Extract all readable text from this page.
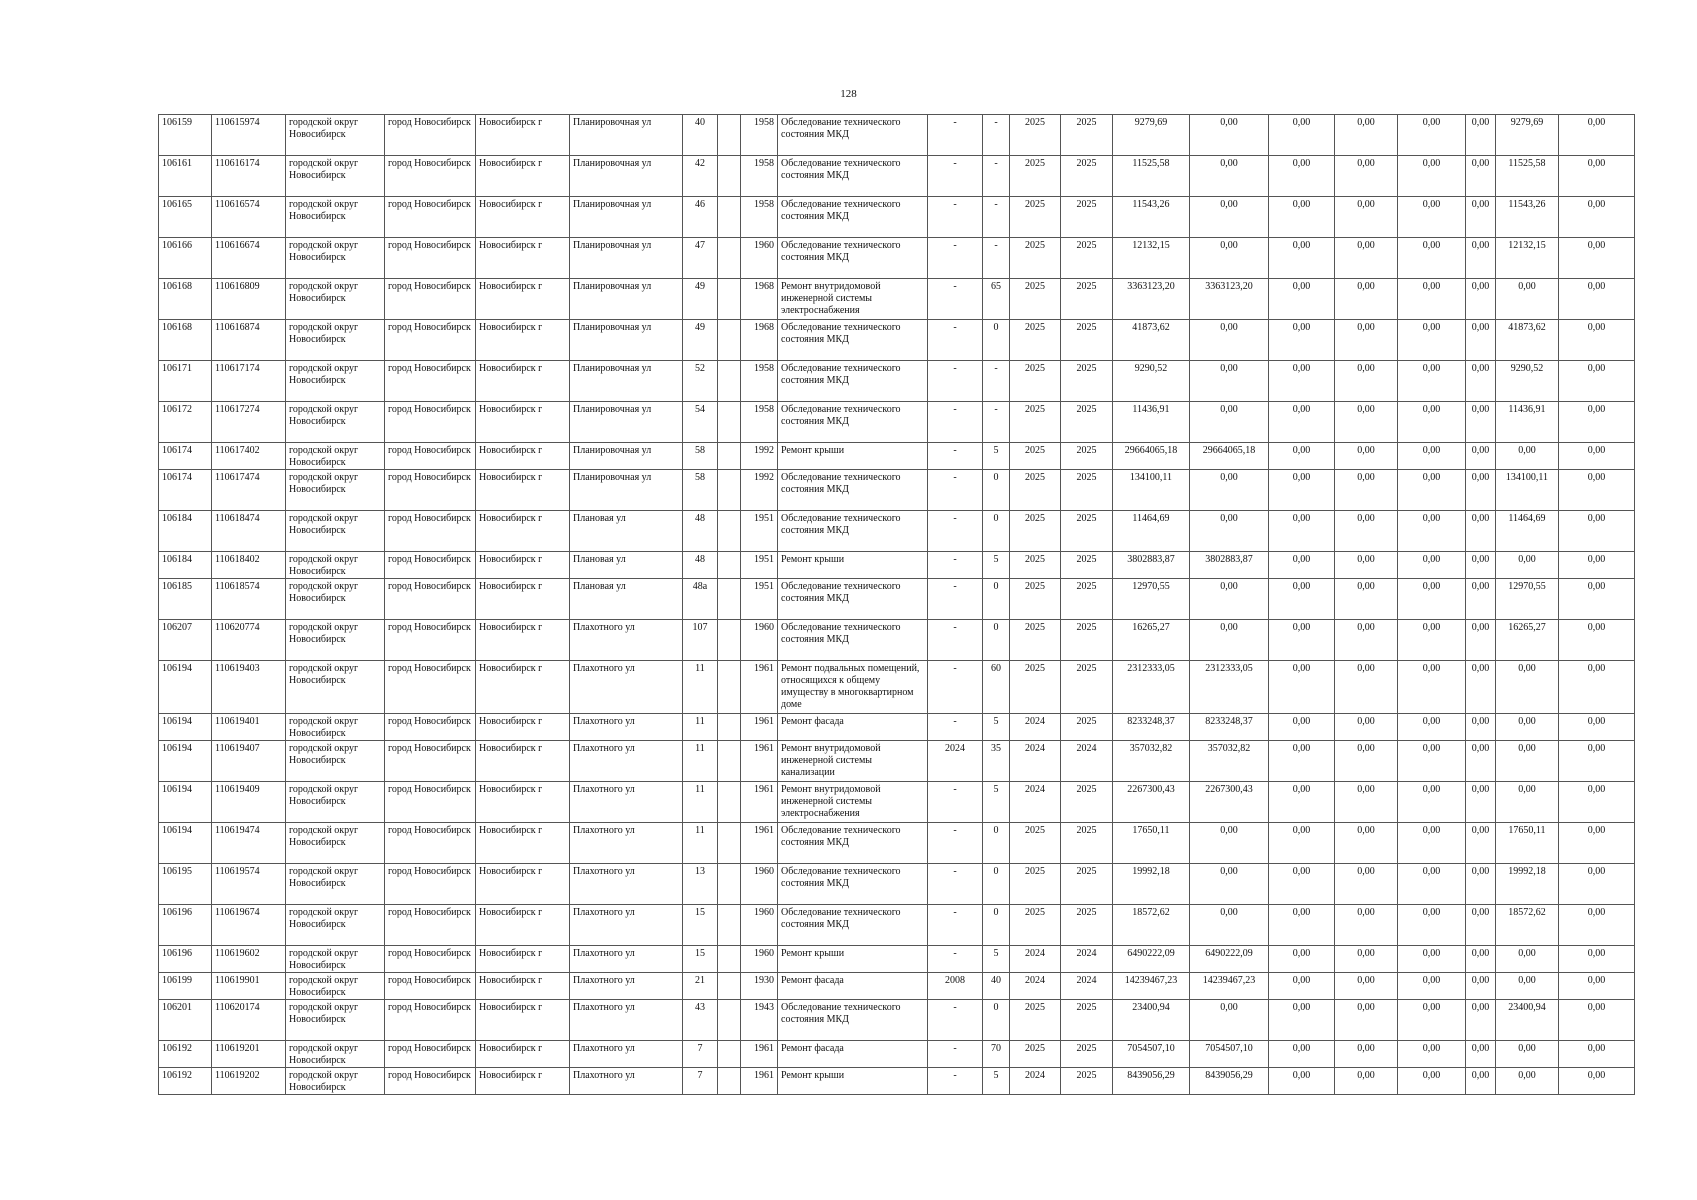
128
106159	110615974	городской округ Новосибирск	город Новосибирск	Новосибирск г	Планировочная ул	40		1958	Обследование технического состояния МКД	-	-	2025	2025	9279,69	0,00	0,00	0,00	0,00	0,00	9279,69	0,00
106161	110616174	городской округ Новосибирск	город Новосибирск	Новосибирск г	Планировочная ул	42		1958	Обследование технического состояния МКД	-	-	2025	2025	11525,58	0,00	0,00	0,00	0,00	0,00	11525,58	0,00
106165	110616574	городской округ Новосибирск	город Новосибирск	Новосибирск г	Планировочная ул	46		1958	Обследование технического состояния МКД	-	-	2025	2025	11543,26	0,00	0,00	0,00	0,00	0,00	11543,26	0,00
106166	110616674	городской округ Новосибирск	город Новосибирск	Новосибирск г	Планировочная ул	47		1960	Обследование технического состояния МКД	-	-	2025	2025	12132,15	0,00	0,00	0,00	0,00	0,00	12132,15	0,00
106168	110616809	городской округ Новосибирск	город Новосибирск	Новосибирск г	Планировочная ул	49		1968	Ремонт внутридомовой инженерной системы электроснабжения	-	65	2025	2025	3363123,20	3363123,20	0,00	0,00	0,00	0,00	0,00	0,00
106168	110616874	городской округ Новосибирск	город Новосибирск	Новосибирск г	Планировочная ул	49		1968	Обследование технического состояния МКД	-	0	2025	2025	41873,62	0,00	0,00	0,00	0,00	0,00	41873,62	0,00
106171	110617174	городской округ Новосибирск	город Новосибирск	Новосибирск г	Планировочная ул	52		1958	Обследование технического состояния МКД	-	-	2025	2025	9290,52	0,00	0,00	0,00	0,00	0,00	9290,52	0,00
106172	110617274	городской округ Новосибирск	город Новосибирск	Новосибирск г	Планировочная ул	54		1958	Обследование технического состояния МКД	-	-	2025	2025	11436,91	0,00	0,00	0,00	0,00	0,00	11436,91	0,00
106174	110617402	городской округ Новосибирск	город Новосибирск	Новосибирск г	Планировочная ул	58		1992	Ремонт крыши	-	5	2025	2025	29664065,18	29664065,18	0,00	0,00	0,00	0,00	0,00	0,00
106174	110617474	городской округ Новосибирск	город Новосибирск	Новосибирск г	Планировочная ул	58		1992	Обследование технического состояния МКД	-	0	2025	2025	134100,11	0,00	0,00	0,00	0,00	0,00	134100,11	0,00
106184	110618474	городской округ Новосибирск	город Новосибирск	Новосибирск г	Плановая ул	48		1951	Обследование технического состояния МКД	-	0	2025	2025	11464,69	0,00	0,00	0,00	0,00	0,00	11464,69	0,00
106184	110618402	городской округ Новосибирск	город Новосибирск	Новосибирск г	Плановая ул	48		1951	Ремонт крыши	-	5	2025	2025	3802883,87	3802883,87	0,00	0,00	0,00	0,00	0,00	0,00
106185	110618574	городской округ Новосибирск	город Новосибирск	Новосибирск г	Плановая ул	48а		1951	Обследование технического состояния МКД	-	0	2025	2025	12970,55	0,00	0,00	0,00	0,00	0,00	12970,55	0,00
106207	110620774	городской округ Новосибирск	город Новосибирск	Новосибирск г	Плахотного ул	107		1960	Обследование технического состояния МКД	-	0	2025	2025	16265,27	0,00	0,00	0,00	0,00	0,00	16265,27	0,00
106194	110619403	городской округ Новосибирск	город Новосибирск	Новосибирск г	Плахотного ул	11		1961	Ремонт подвальных помещений, относящихся к общему имуществу в многоквартирном доме	-	60	2025	2025	2312333,05	2312333,05	0,00	0,00	0,00	0,00	0,00	0,00
106194	110619401	городской округ Новосибирск	город Новосибирск	Новосибирск г	Плахотного ул	11		1961	Ремонт фасада	-	5	2024	2025	8233248,37	8233248,37	0,00	0,00	0,00	0,00	0,00	0,00
106194	110619407	городской округ Новосибирск	город Новосибирск	Новосибирск г	Плахотного ул	11		1961	Ремонт внутридомовой инженерной системы канализации	2024	35	2024	2024	357032,82	357032,82	0,00	0,00	0,00	0,00	0,00	0,00
106194	110619409	городской округ Новосибирск	город Новосибирск	Новосибирск г	Плахотного ул	11		1961	Ремонт внутридомовой инженерной системы электроснабжения	-	5	2024	2025	2267300,43	2267300,43	0,00	0,00	0,00	0,00	0,00	0,00
106194	110619474	городской округ Новосибирск	город Новосибирск	Новосибирск г	Плахотного ул	11		1961	Обследование технического состояния МКД	-	0	2025	2025	17650,11	0,00	0,00	0,00	0,00	0,00	17650,11	0,00
106195	110619574	городской округ Новосибирск	город Новосибирск	Новосибирск г	Плахотного ул	13		1960	Обследование технического состояния МКД	-	0	2025	2025	19992,18	0,00	0,00	0,00	0,00	0,00	19992,18	0,00
106196	110619674	городской округ Новосибирск	город Новосибирск	Новосибирск г	Плахотного ул	15		1960	Обследование технического состояния МКД	-	0	2025	2025	18572,62	0,00	0,00	0,00	0,00	0,00	18572,62	0,00
106196	110619602	городской округ Новосибирск	город Новосибирск	Новосибирск г	Плахотного ул	15		1960	Ремонт крыши	-	5	2024	2024	6490222,09	6490222,09	0,00	0,00	0,00	0,00	0,00	0,00
106199	110619901	городской округ Новосибирск	город Новосибирск	Новосибирск г	Плахотного ул	21		1930	Ремонт фасада	2008	40	2024	2024	14239467,23	14239467,23	0,00	0,00	0,00	0,00	0,00	0,00
106201	110620174	городской округ Новосибирск	город Новосибирск	Новосибирск г	Плахотного ул	43		1943	Обследование технического состояния МКД	-	0	2025	2025	23400,94	0,00	0,00	0,00	0,00	0,00	23400,94	0,00
106192	110619201	городской округ Новосибирск	город Новосибирск	Новосибирск г	Плахотного ул	7		1961	Ремонт фасада	-	70	2025	2025	7054507,10	7054507,10	0,00	0,00	0,00	0,00	0,00	0,00
106192	110619202	городской округ Новосибирск	город Новосибирск	Новосибирск г	Плахотного ул	7		1961	Ремонт крыши	-	5	2024	2025	8439056,29	8439056,29	0,00	0,00	0,00	0,00	0,00	0,00
